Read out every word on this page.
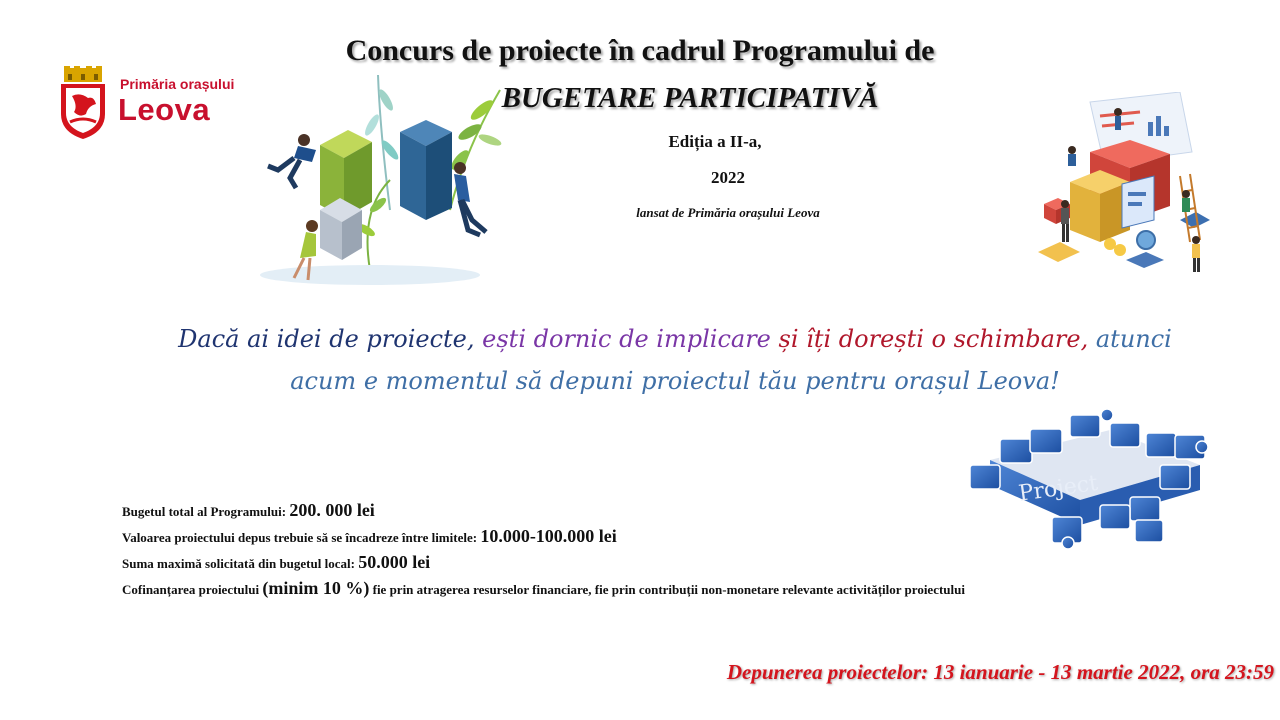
Primăria orașului
Leova
Concurs de proiecte în cadrul Programului de
BUGETARE PARTICIPATIVĂ
Ediția a II-a,
2022
lansat de Primăria orașului Leova
Dacă ai idei de proiecte, ești dornic de implicare și îți dorești o schimbare, atunci acum e momentul să depuni proiectul tău pentru orașul Leova!
Project
Bugetul total al Programului: 200. 000 lei
Valoarea proiectului depus trebuie să se încadreze între limitele: 10.000-100.000 lei
Suma maximă solicitată din bugetul local: 50.000 lei
Cofinanțarea proiectului (minim 10 %) fie prin atragerea resurselor financiare, fie prin contribuții non-monetare relevante activităților proiectului
Depunerea proiectelor: 13 ianuarie - 13 martie 2022, ora 23:59
